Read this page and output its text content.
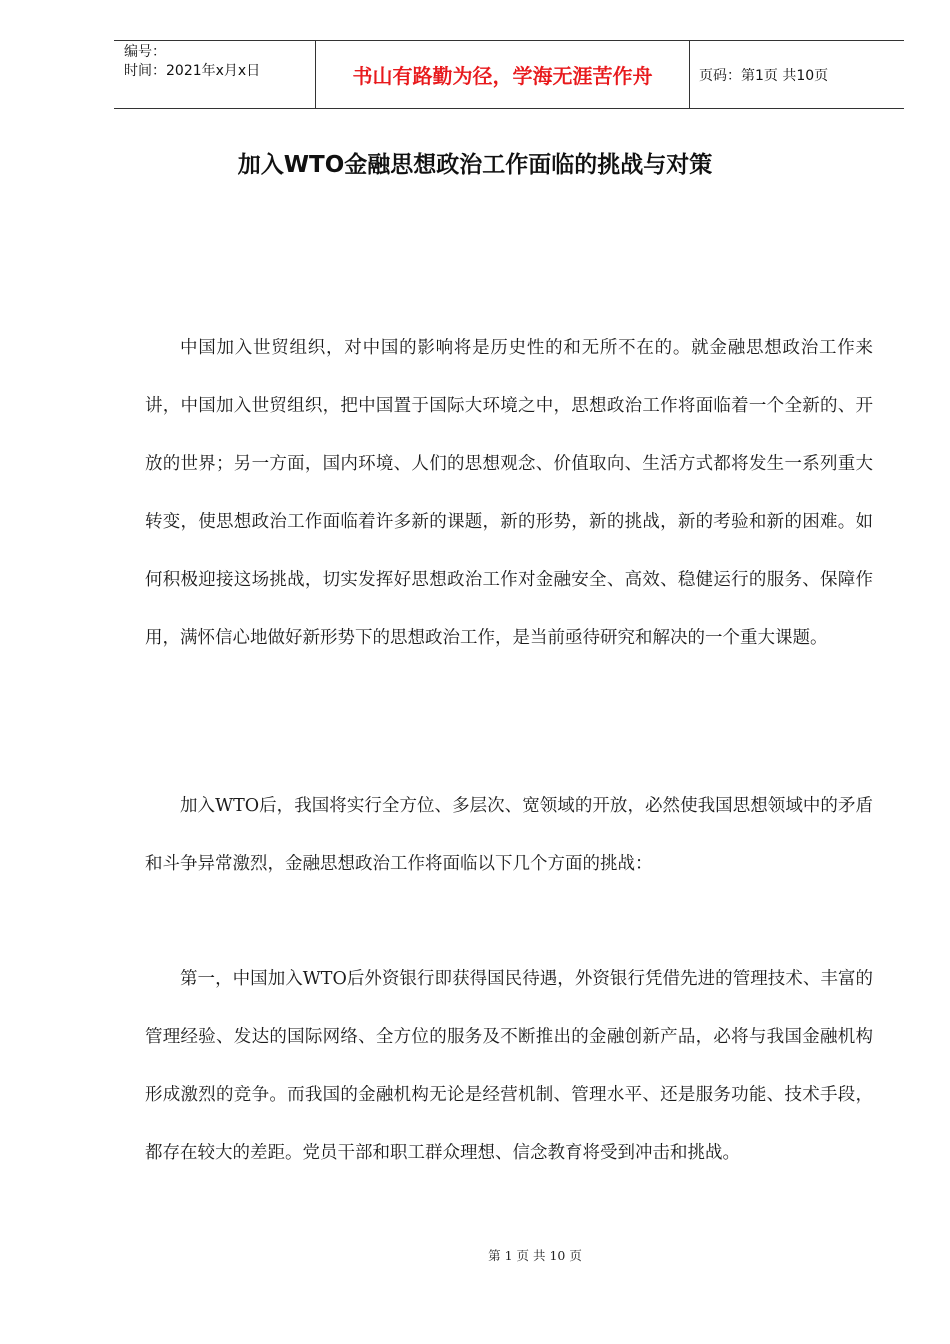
编号：
时间：2021年x月x日	书山有路勤为径，学海无涯苦作舟	页码：第1页 共10页
加入WTO金融思想政治工作面临的挑战与对策

中国加入世贸组织，对中国的影响将是历史性的和无所不在的。就金融思想政治工作来讲，中国加入世贸组织，把中国置于国际大环境之中，思想政治工作将面临着一个全新的、开放的世界；另一方面，国内环境、人们的思想观念、价值取向、生活方式都将发生一系列重大转变，使思想政治工作面临着许多新的课题，新的形势，新的挑战，新的考验和新的困难。如何积极迎接这场挑战，切实发挥好思想政治工作对金融安全、高效、稳健运行的服务、保障作用，满怀信心地做好新形势下的思想政治工作，是当前亟待研究和解决的一个重大课题。

加入WTO后，我国将实行全方位、多层次、宽领域的开放，必然使我国思想领域中的矛盾和斗争异常激烈，金融思想政治工作将面临以下几个方面的挑战：

第一，中国加入WTO后外资银行即获得国民待遇，外资银行凭借先进的管理技术、丰富的管理经验、发达的国际网络、全方位的服务及不断推出的金融创新产品，必将与我国金融机构形成激烈的竞争。而我国的金融机构无论是经营机制、管理水平、还是服务功能、技术手段，都存在较大的差距。党员干部和职工群众理想、信念教育将受到冲击和挑战。

第 1 页 共 10 页
